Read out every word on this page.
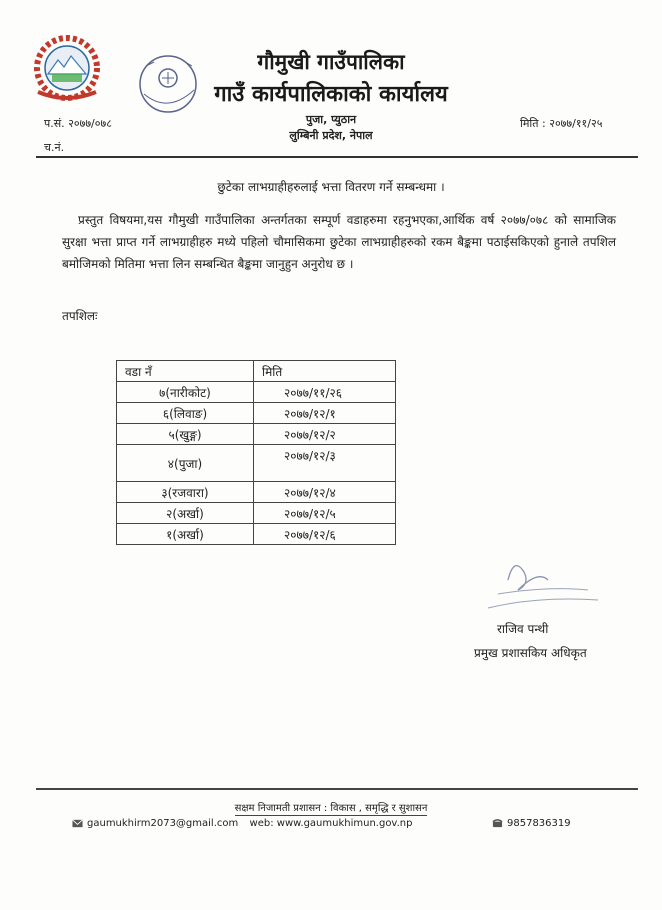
गौमुखी गाउँपालिका
गाउँ कार्यपालिकाको कार्यालय
पुजा, प्युठान
लुम्बिनी प्रदेश, नेपाल
प.सं. २०७७/०७८
च.नं.
मिति : २०७७/११/२५
छुटेका लाभग्राहीहरुलाई भत्ता वितरण गर्ने सम्बन्धमा ।
प्रस्तुत विषयमा,यस गौमुखी गाउँपालिका अन्तर्गतका सम्पूर्ण वडाहरुमा रहनुभएका,आर्थिक वर्ष २०७७/०७८ को सामाजिक सुरक्षा भत्ता प्राप्त गर्ने लाभग्राहीहरु मध्ये पहिलो चौमासिकमा छुटेका लाभग्राहीहरुको रकम बैङ्कमा पठाईसकिएको हुनाले तपशिल बमोजिमको मितिमा भत्ता लिन सम्बन्धित बैङ्कमा जानुहुन अनुरोध छ ।
तपशिलः
वडा नँ	मिति
७(नारीकोट)	२०७७/११/२६
६(लिवाङ)	२०७७/१२/१
५(खुङ्ग)	२०७७/१२/२
४(पुजा)	२०७७/१२/३
३(रजवारा)	२०७७/१२/४
२(अर्खा)	२०७७/१२/५
१(अर्खा)	२०७७/१२/६
राजिव पन्थी
प्रमुख प्रशासकिय अधिकृत
सक्षम निजामती प्रशासन : विकास , समृद्धि र सुशासन
gaumukhirm2073@gmail.com	web: www.gaumukhimun.gov.np	9857836319
